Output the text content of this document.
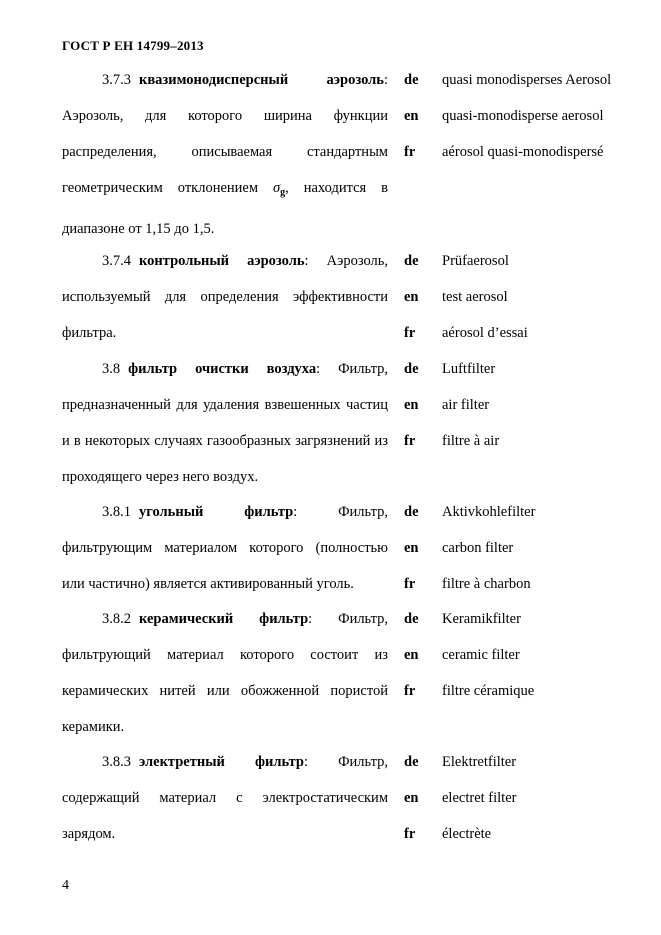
ГОСТ Р ЕН 14799–2013

3.7.3 квазимонодисперсный аэрозоль: Аэрозоль, для которого ширина функции распределения, описываемая стандартным геометрическим отклонением $\sigma_g$, находится в диапазоне от 1,15 до 1,5.

de	quasi monodisperses Aerosol
en	quasi-monodisperse aerosol
fr	aérosol quasi-monodispersé

3.7.4 контрольный аэрозоль: Аэрозоль, используемый для определения эффективности фильтра.

de	Prüfaerosol
en	test aerosol
fr	aérosol d’essai

3.8 фильтр очистки воздуха: Фильтр, предназначенный для удаления взвешенных частиц и в некоторых случаях газообразных загрязнений из проходящего через него воздух.

de	Luftfilter
en	air filter
fr	filtre à air

3.8.1 угольный фильтр:	Фильтр, фильтрующим материалом которого (полностью или частично) является активированный уголь.

de	Aktivkohlefilter
en	carbon filter
fr	filtre à charbon

3.8.2 керамический фильтр: Фильтр, фильтрующий материал которого состоит из керамических нитей или обожженной пористой керамики.

de	Keramikfilter
en	ceramic filter
fr	filtre céramique

3.8.3 электретный фильтр: Фильтр, содержащий материал с электростатическим зарядом.

de	Elektretfilter
en	electret filter
fr	électrète
4
